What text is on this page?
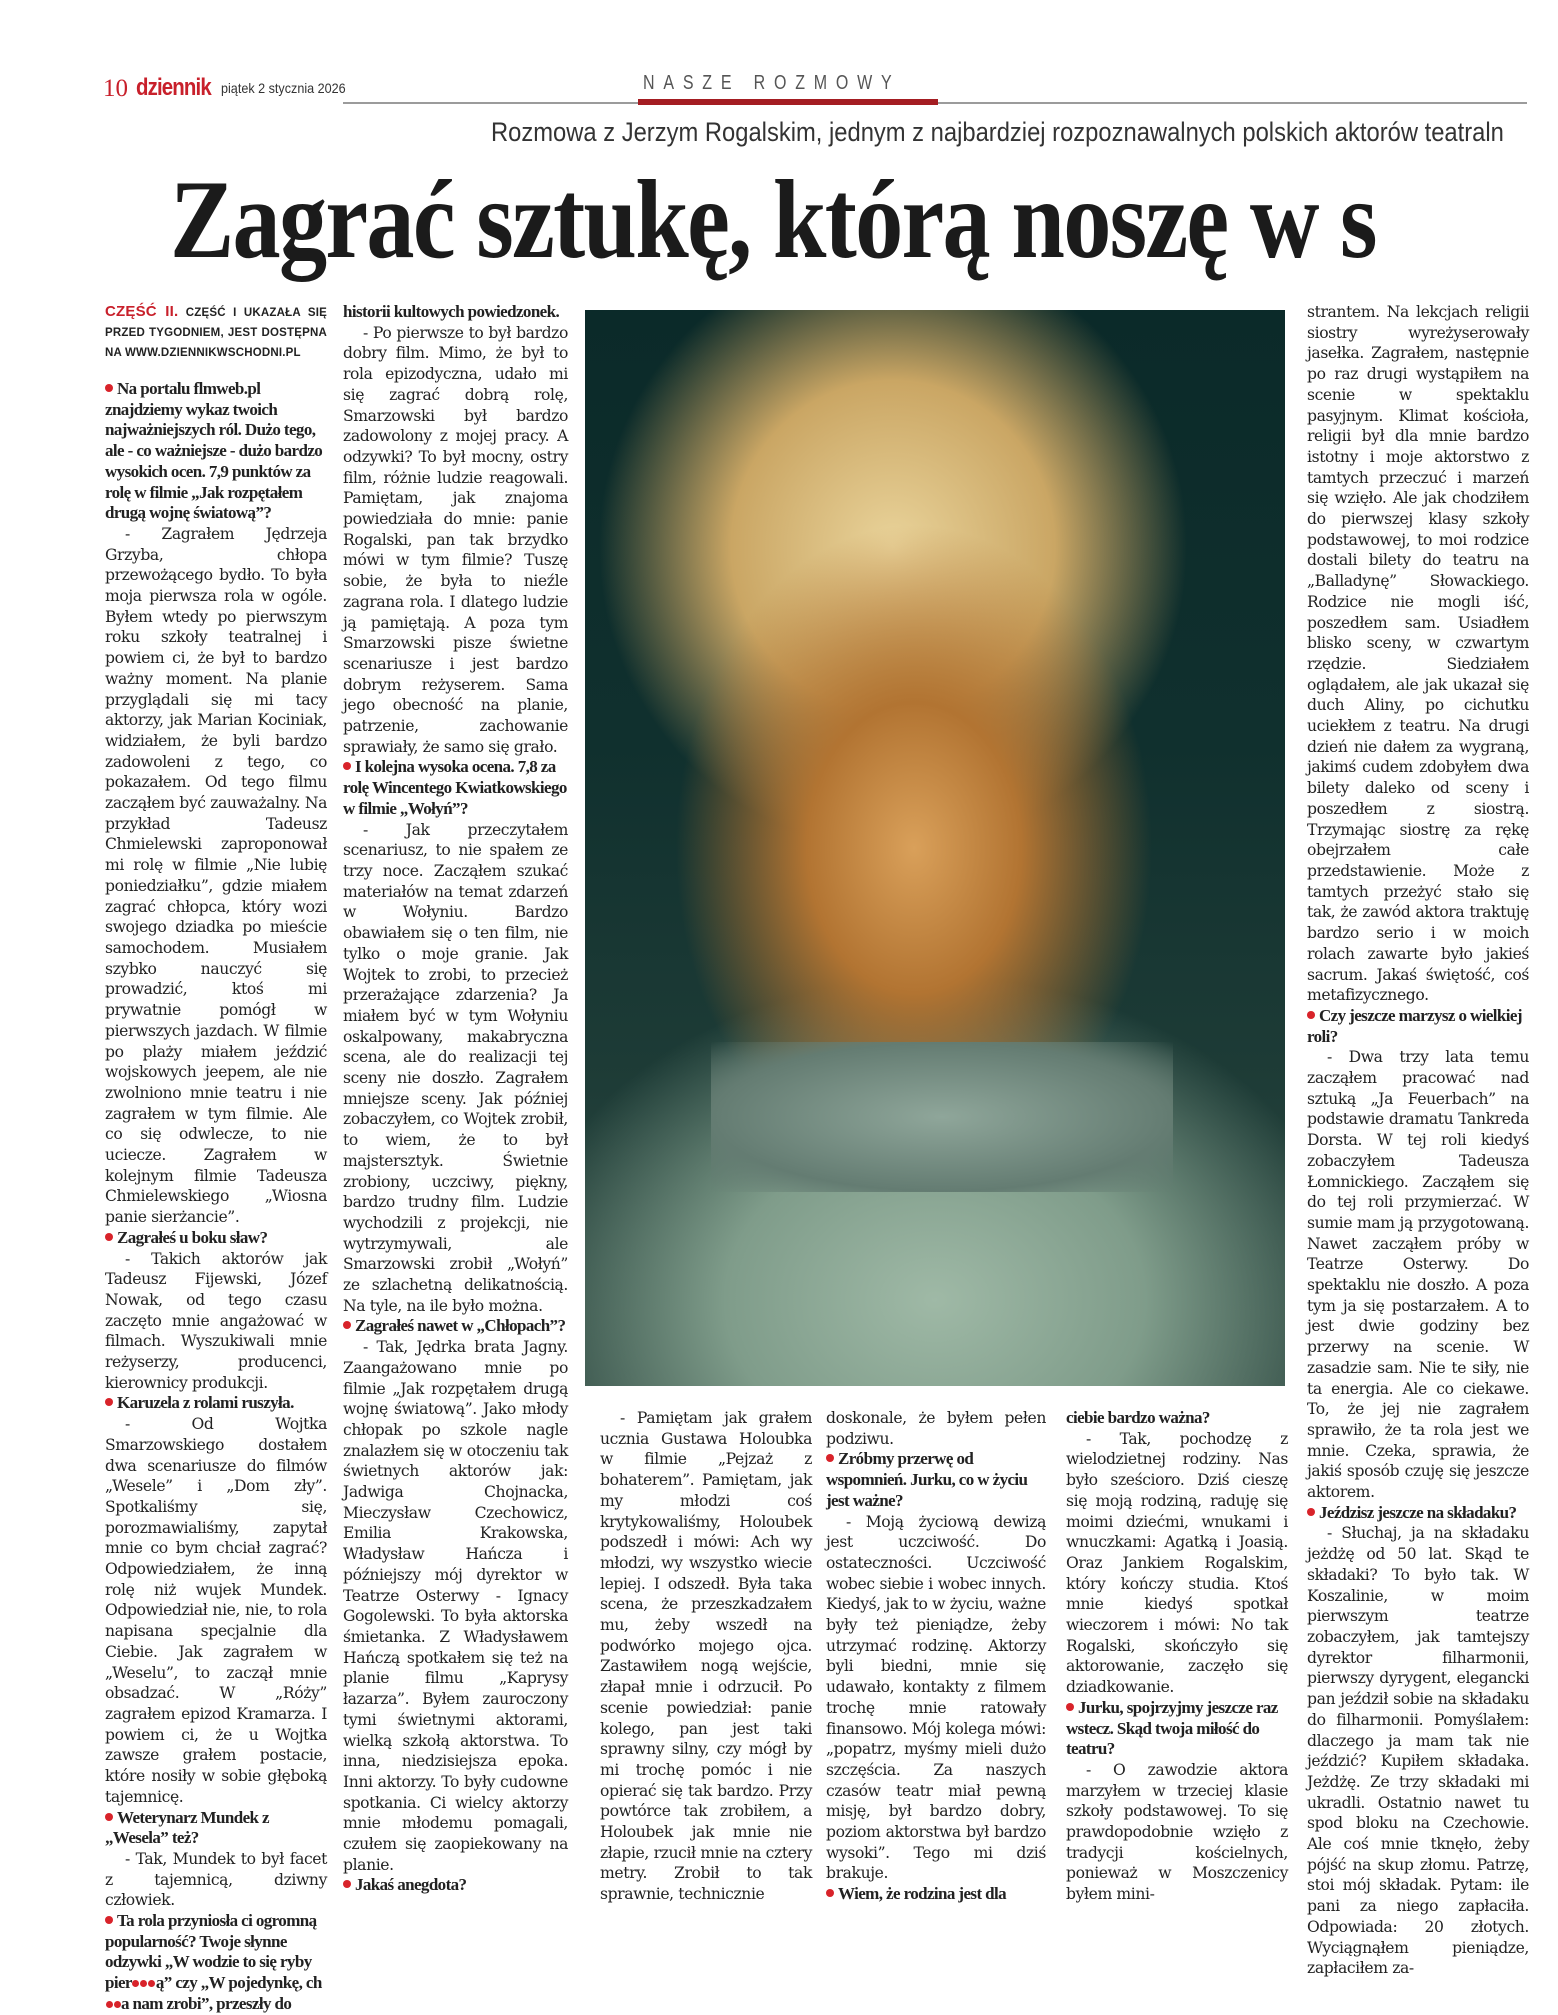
10 dziennik piątek 2 stycznia 2026	NASZE ROZMOWY
Rozmowa z Jerzym Rogalskim, jednym z najbardziej rozpoznawalnych polskich aktorów teatraln
Zagrać sztukę, którą noszę w s
CZĘŚĆ II. CZĘŚĆ I UKAZAŁA SIĘ PRZED TYGODNIEM, JEST DOSTĘPNA NA WWW.DZIENNIKWSCHODNI.PL
Na portalu flmweb.pl znajdziemy wykaz twoich najważniejszych ról. Dużo tego, ale - co ważniejsze - dużo bardzo wysokich ocen. 7,9 punktów za rolę w filmie „Jak rozpętałem drugą wojnę światową”?

- Zagrałem Jędrzeja Grzyba, chłopa przewożącego bydło. To była moja pierwsza rola w ogóle. Byłem wtedy po pierwszym roku szkoły teatralnej i powiem ci, że był to bardzo ważny moment. Na planie przyglądali się mi tacy aktorzy, jak Marian Kociniak, widziałem, że byli bardzo zadowoleni z tego, co pokazałem. Od tego filmu zacząłem być zauważalny. Na przykład Tadeusz Chmielewski zaproponował mi rolę w filmie „Nie lubię poniedziałku”, gdzie miałem zagrać chłopca, który wozi swojego dziadka po mieście samochodem. Musiałem szybko nauczyć się prowadzić, ktoś mi prywatnie pomógł w pierwszych jazdach. W filmie po plaży miałem jeździć wojskowych jeepem, ale nie zwolniono mnie teatru i nie zagrałem w tym filmie. Ale co się odwlecze, to nie uciecze. Zagrałem w kolejnym filmie Tadeusza Chmielewskiego „Wiosna panie sierżancie”.

Zagrałeś u boku sław?

- Takich aktorów jak Tadeusz Fijewski, Józef Nowak, od tego czasu zaczęto mnie angażować w filmach. Wyszukiwali mnie reżyserzy, producenci, kierownicy produkcji.

Karuzela z rolami ruszyła.

- Od Wojtka Smarzowskiego dostałem dwa scenariusze do filmów „Wesele” i „Dom zły”. Spotkaliśmy się, porozmawialiśmy, zapytał mnie co bym chciał zagrać? Odpowiedziałem, że inną rolę niż wujek Mundek. Odpowiedział nie, nie, to rola napisana specjalnie dla Ciebie. Jak zagrałem w „Weselu”, to zaczął mnie obsadzać. W „Róży” zagrałem epizod Kramarza. I powiem ci, że u Wojtka zawsze grałem postacie, które nosiły w sobie głęboką tajemnicę.

Weterynarz Mundek z „Wesela” też?

- Tak, Mundek to był facet z tajemnicą, dziwny człowiek.

Ta rola przyniosła ci ogromną popularność? Twoje słynne odzywki „W wodzie to się ryby pier ą” czy „W pojedynkę, cha nam zrobi”, przeszły do
historii kultowych powiedzonek.

- Po pierwsze to był bardzo dobry film. Mimo, że był to rola epizodyczna, udało mi się zagrać dobrą rolę, Smarzowski był bardzo zadowolony z mojej pracy. A odzywki? To był mocny, ostry film, różnie ludzie reagowali. Pamiętam, jak znajoma powiedziała do mnie: panie Rogalski, pan tak brzydko mówi w tym filmie? Tuszę sobie, że była to nieźle zagrana rola. I dlatego ludzie ją pamiętają. A poza tym Smarzowski pisze świetne scenariusze i jest bardzo dobrym reżyserem. Sama jego obecność na planie, patrzenie, zachowanie sprawiały, że samo się grało.

I kolejna wysoka ocena. 7,8 za rolę Wincentego Kwiatkowskiego w filmie „Wołyń”?

- Jak przeczytałem scenariusz, to nie spałem ze trzy noce. Zacząłem szukać materiałów na temat zdarzeń w Wołyniu. Bardzo obawiałem się o ten film, nie tylko o moje granie. Jak Wojtek to zrobi, to przecież przerażające zdarzenia? Ja miałem być w tym Wołyniu oskalpowany, makabryczna scena, ale do realizacji tej sceny nie doszło. Zagrałem mniejsze sceny. Jak później zobaczyłem, co Wojtek zrobił, to wiem, że to był majstersztyk. Świetnie zrobiony, uczciwy, piękny, bardzo trudny film. Ludzie wychodzili z projekcji, nie wytrzymywali, ale Smarzowski zrobił „Wołyń” ze szlachetną delikatnością. Na tyle, na ile było można.

Zagrałeś nawet w „Chłopach”?

- Tak, Jędrka brata Jagny. Zaangażowano mnie po filmie „Jak rozpętałem drugą wojnę światową”. Jako młody chłopak po szkole nagle znalazłem się w otoczeniu tak świetnych aktorów jak: Jadwiga Chojnacka, Mieczysław Czechowicz, Emilia Krakowska, Władysław Hańcza i późniejszy mój dyrektor w Teatrze Osterwy - Ignacy Gogolewski. To była aktorska śmietanka. Z Władysławem Hańczą spotkałem się też na planie filmu „Kaprysy łazarza”. Byłem zauroczony tymi świetnymi aktorami, wielką szkołą aktorstwa. To inna, niedzisiejsza epoka. Inni aktorzy. To były cudowne spotkania. Ci wielcy aktorzy mnie młodemu pomagali, czułem się zaopiekowany na planie.

Jakaś anegdota?

- Pamiętam jak grałem ucznia Gustawa Holoubka w filmie „Pejzaż z bohaterem”. Pamiętam, jak my młodzi coś krytykowaliśmy, Holoubek podszedł i mówi: Ach wy młodzi, wy wszystko wiecie lepiej. I odszedł. Była taka scena, że przeszkadzałem mu, żeby wszedł na podwórko mojego ojca. Zastawiłem nogą wejście, złapał mnie i odrzucił. Po scenie powiedział: panie kolego, pan jest taki sprawny silny, czy mógł by mi trochę pomóc i nie opierać się tak bardzo. Przy powtórce tak zrobiłem, a Holoubek jak mnie nie złapie, rzucił mnie na cztery metry. Zrobił to tak sprawnie, technicznie

doskonale, że byłem pełen podziwu.

Zróbmy przerwę od wspomnień. Jurku, co w życiu jest ważne?

- Moją życiową dewizą jest uczciwość. Do ostateczności. Uczciwość wobec siebie i wobec innych. Kiedyś, jak to w życiu, ważne były też pieniądze, żeby utrzymać rodzinę. Aktorzy byli biedni, mnie się udawało, kontakty z filmem trochę mnie ratowały finansowo. Mój kolega mówi: „popatrz, myśmy mieli dużo szczęścia. Za naszych czasów teatr miał pewną misję, był bardzo dobry, poziom aktorstwa był bardzo wysoki”. Tego mi dziś brakuje.

Wiem, że rodzina jest dla
ciebie bardzo ważna?

- Tak, pochodzę z wielodzietnej rodziny. Nas było sześcioro. Dziś cieszę się moją rodziną, raduję się moimi dziećmi, wnukami i wnuczkami: Agatką i Joasią. Oraz Jankiem Rogalskim, który kończy studia. Ktoś mnie kiedyś spotkał wieczorem i mówi: No tak Rogalski, skończyło się aktorowanie, zaczęło się dziadkowanie.

Jurku, spojrzyjmy jeszcze raz wstecz. Skąd twoja miłość do teatru?

- O zawodzie aktora marzyłem w trzeciej klasie szkoły podstawowej. To się prawdopodobnie wzięło z tradycji kościelnych, ponieważ w Moszczenicy byłem mini-

strantem. Na lekcjach religii siostry wyreżyserowały jasełka. Zagrałem, następnie po raz drugi wystąpiłem na scenie w spektaklu pasyjnym. Klimat kościoła, religii był dla mnie bardzo istotny i moje aktorstwo z tamtych przeczuć i marzeń się wzięło. Ale jak chodziłem do pierwszej klasy szkoły podstawowej, to moi rodzice dostali bilety do teatru na „Balladynę” Słowackiego. Rodzice nie mogli iść, poszedłem sam. Usiadłem blisko sceny, w czwartym rzędzie. Siedziałem oglądałem, ale jak ukazał się duch Aliny, po cichutku uciekłem z teatru. Na drugi dzień nie dałem za wygraną, jakimś cudem zdobyłem dwa bilety daleko od sceny i poszedłem z siostrą. Trzymając siostrę za rękę obejrzałem całe przedstawienie. Może z tamtych przeżyć stało się tak, że zawód aktora traktuję bardzo serio i w moich rolach zawarte było jakieś sacrum. Jakaś świętość, coś metafizycznego.

Czy jeszcze marzysz o wielkiej roli?

- Dwa trzy lata temu zacząłem pracować nad sztuką „Ja Feuerbach” na podstawie dramatu Tankreda Dorsta. W tej roli kiedyś zobaczyłem Tadeusza Łomnickiego. Zacząłem się do tej roli przymierzać. W sumie mam ją przygotowaną. Nawet zacząłem próby w Teatrze Osterwy. Do spektaklu nie doszło. A poza tym ja się postarzałem. A to jest dwie godziny bez przerwy na scenie. W zasadzie sam. Nie te siły, nie ta energia. Ale co ciekawe. To, że jej nie zagrałem sprawiło, że ta rola jest we mnie. Czeka, sprawia, że jakiś sposób czuję się jeszcze aktorem.

Jeździsz jeszcze na składaku?

- Słuchaj, ja na składaku jeżdżę od 50 lat. Skąd te składaki? To było tak. W Koszalinie, w moim pierwszym teatrze zobaczyłem, jak tamtejszy dyrektor filharmonii, pierwszy dyrygent, elegancki pan jeździł sobie na składaku do filharmonii. Pomyślałem: dlaczego ja mam tak nie jeździć? Kupiłem składaka. Jeżdżę. Ze trzy składaki mi ukradli. Ostatnio nawet tu spod bloku na Czechowie. Ale coś mnie tknęło, żeby pójść na skup złomu. Patrzę, stoi mój składak. Pytam: ile pani za niego zapłaciła. Odpowiada: 20 złotych. Wyciągnąłem pieniądze, zapłaciłem za-
